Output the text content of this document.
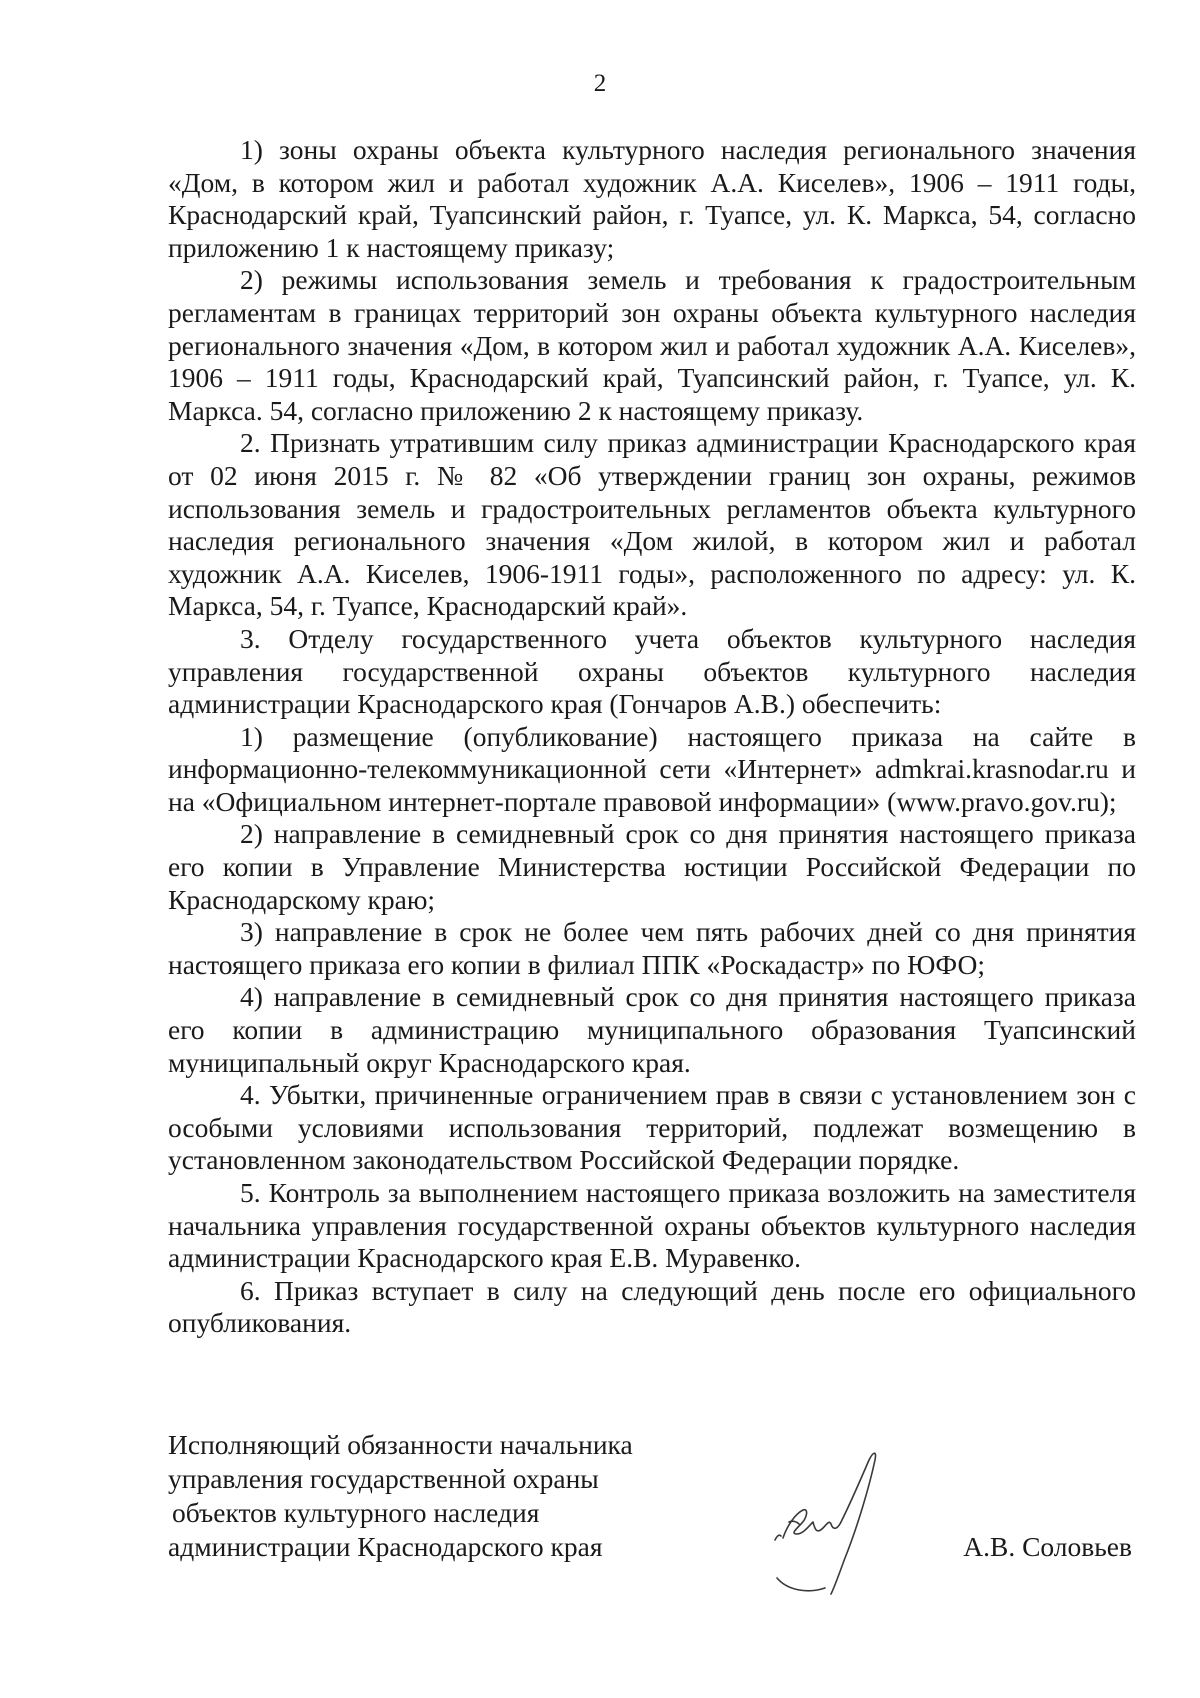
2

1) зоны охраны объекта культурного наследия регионального значения «Дом, в котором жил и работал художник А.А. Киселев», 1906 – 1911 годы, Краснодарский край, Туапсинский район, г. Туапсе, ул. К. Маркса, 54, согласно приложению 1 к настоящему приказу;

2) режимы использования земель и требования к градостроительным регламентам в границах территорий зон охраны объекта культурного наследия регионального значения «Дом, в котором жил и работал художник А.А. Киселев», 1906 – 1911 годы, Краснодарский край, Туапсинский район, г. Туапсе, ул. К. Маркса. 54, согласно приложению 2 к настоящему приказу.

2. Признать утратившим силу приказ администрации Краснодарского края от 02 июня 2015 г. № 82 «Об утверждении границ зон охраны, режимов использования земель и градостроительных регламентов объекта культурного наследия регионального значения «Дом жилой, в котором жил и работал художник А.А. Киселев, 1906-1911 годы», расположенного по адресу: ул. К. Маркса, 54, г. Туапсе, Краснодарский край».

3. Отделу государственного учета объектов культурного наследия управления государственной охраны объектов культурного наследия администрации Краснодарского края (Гончаров А.В.) обеспечить:

1) размещение (опубликование) настоящего приказа на сайте в информационно-телекоммуникационной сети «Интернет» admkrai.krasnodar.ru и на «Официальном интернет-портале правовой информации» (www.pravo.gov.ru);

2) направление в семидневный срок со дня принятия настоящего приказа его копии в Управление Министерства юстиции Российской Федерации по Краснодарскому краю;

3) направление в срок не более чем пять рабочих дней со дня принятия настоящего приказа его копии в филиал ППК «Роскадастр» по ЮФО;

4) направление в семидневный срок со дня принятия настоящего приказа его копии в администрацию муниципального образования Туапсинский муниципальный округ Краснодарского края.

4. Убытки, причиненные ограничением прав в связи с установлением зон с особыми условиями использования территорий, подлежат возмещению в установленном законодательством Российской Федерации порядке.

5. Контроль за выполнением настоящего приказа возложить на заместителя начальника управления государственной охраны объектов культурного наследия администрации Краснодарского края Е.В. Муравенко.

6. Приказ вступает в силу на следующий день после его официального опубликования.

Исполняющий обязанности начальника
управления государственной охраны
объектов культурного наследия
администрации Краснодарского края	А.В. Соловьев
